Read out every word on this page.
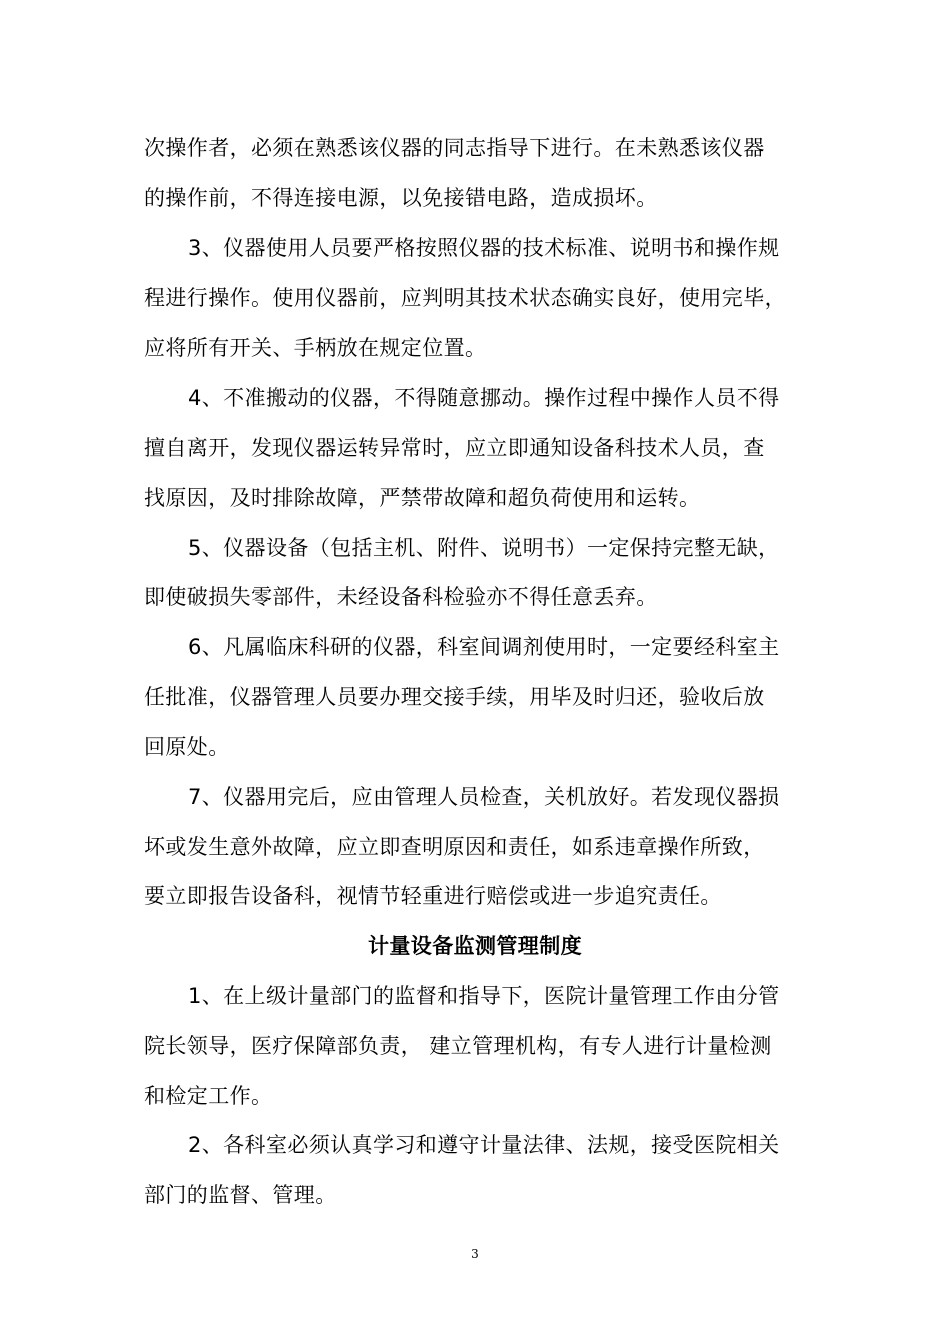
次操作者，必须在熟悉该仪器的同志指导下进行。在未熟悉该仪器
的操作前，不得连接电源，以免接错电路，造成损坏。
3、仪器使用人员要严格按照仪器的技术标准、说明书和操作规
程进行操作。使用仪器前，应判明其技术状态确实良好，使用完毕，
应将所有开关、手柄放在规定位置。
4、不准搬动的仪器，不得随意挪动。操作过程中操作人员不得
擅自离开，发现仪器运转异常时，应立即通知设备科技术人员，查
找原因，及时排除故障，严禁带故障和超负荷使用和运转。
5、仪器设备（包括主机、附件、说明书）一定保持完整无缺，
即使破损失零部件，未经设备科检验亦不得任意丢弃。
6、凡属临床科研的仪器，科室间调剂使用时，一定要经科室主
任批准，仪器管理人员要办理交接手续，用毕及时归还，验收后放
回原处。
7、仪器用完后，应由管理人员检查，关机放好。若发现仪器损
坏或发生意外故障，应立即查明原因和责任，如系违章操作所致，
要立即报告设备科，视情节轻重进行赔偿或进一步追究责任。
计量设备监测管理制度
1、在上级计量部门的监督和指导下，医院计量管理工作由分管
院长领导，医疗保障部负责， 建立管理机构，有专人进行计量检测
和检定工作。
2、各科室必须认真学习和遵守计量法律、法规，接受医院相关
部门的监督、管理。
3
